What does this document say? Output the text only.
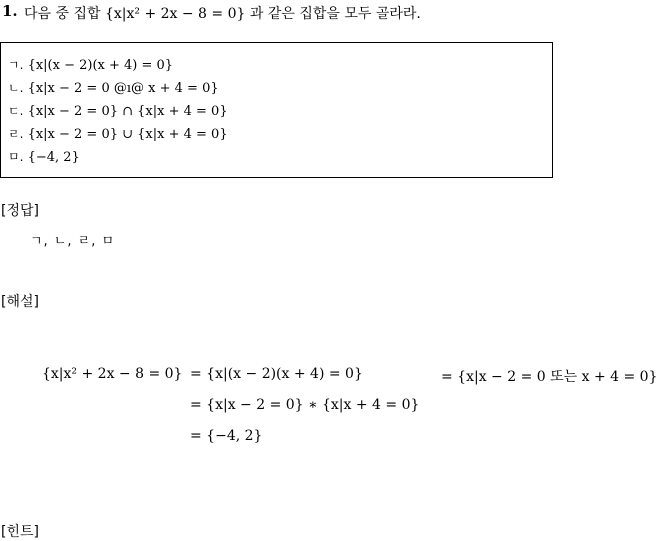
1. 다음 중 집합 {x|x² + 2x − 8 = 0} 과 같은 집합을 모두 골라라.
ㄱ. {x|(x − 2)(x + 4) = 0}
ㄴ. {x|x − 2 = 0 @ı@ x + 4 = 0}
ㄷ. {x|x − 2 = 0} ∩ {x|x + 4 = 0}
ㄹ. {x|x − 2 = 0} ∪ {x|x + 4 = 0}
ㅁ. {−4, 2}
[정답]
ㄱ, ㄴ, ㄹ, ㅁ
[해설]
{x|x² + 2x − 8 = 0} = {x|(x − 2)(x + 4) = 0}	= {x|x − 2 = 0 또는 x + 4 = 0}
= {x|x − 2 = 0} ∗ {x|x + 4 = 0}
= {−4, 2}
[힌트]
